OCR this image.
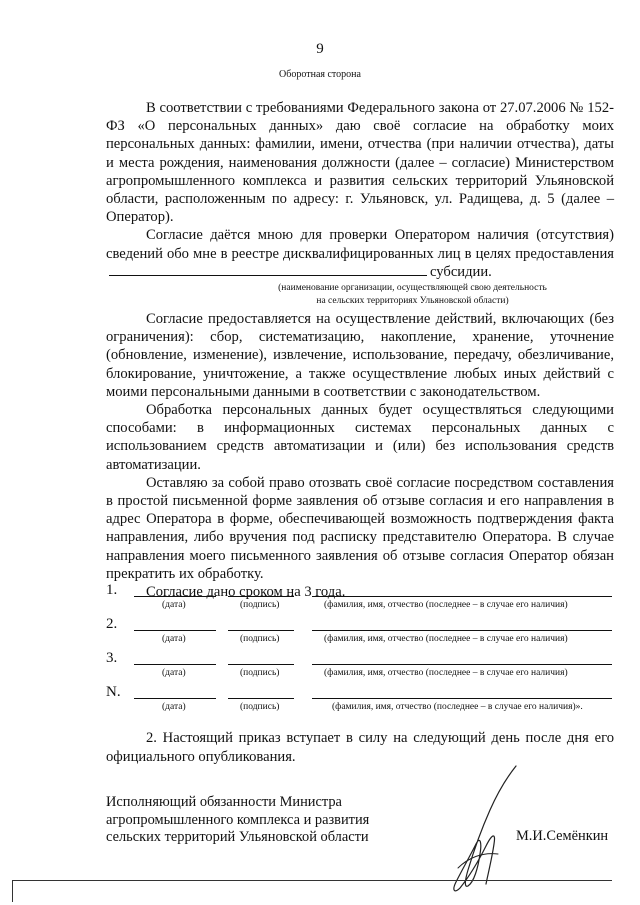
9
Оборотная сторона

В соответствии с требованиями Федерального закона от 27.07.2006 № 152-ФЗ «О персональных данных» даю своё согласие на обработку моих персональных данных: фамилии, имени, отчества (при наличии отчества), даты и места рождения, наименования должности (далее – согласие) Министерством агропромышленного комплекса и развития сельских территорий Ульяновской области, расположенным по адресу: г. Ульяновск, ул. Радищева, д. 5 (далее – Оператор).

Согласие даётся мною для проверки Оператором наличия (отсутствия) сведений обо мне в реестре дисквалифицированных лиц в целях предоставлениясубсидии.

(наименование организации, осуществляющей свою деятельность
на сельских территориях Ульяновской области)

Согласие предоставляется на осуществление действий, включающих (без ограничения): сбор, систематизацию, накопление, хранение, уточнение (обновление, изменение), извлечение, использование, передачу, обезличивание, блокирование, уничтожение, а также осуществление любых иных действий с моими персональными данными в соответствии с законодательством.

Обработка персональных данных будет осуществляться следующими способами: в информационных системах персональных данных с использованием средств автоматизации и (или) без использования средств автоматизации.

Оставляю за собой право отозвать своё согласие посредством составления в простой письменной форме заявления об отзыве согласия и его направления в адрес Оператора в форме, обеспечивающей возможность подтверждения факта направления, либо вручения под расписку представителю Оператора. В случае направления моего письменного заявления об отзыве согласия Оператор обязан прекратить их обработку.

Согласие дано сроком на 3 года.

1.
(дата)	(подпись)	(фамилия, имя, отчество (последнее – в случае его наличия)
2.
(дата)	(подпись)	(фамилия, имя, отчество (последнее – в случае его наличия)
3.
(дата)	(подпись)	(фамилия, имя, отчество (последнее – в случае его наличия)
N.
(дата)	(подпись)	(фамилия, имя, отчество (последнее – в случае его наличия)».
2. Настоящий приказ вступает в силу на следующий день после дня его официального опубликования.
Исполняющий обязанности Министра
агропромышленного комплекса и развития
сельских территорий Ульяновской области	М.И.Семёнкин
